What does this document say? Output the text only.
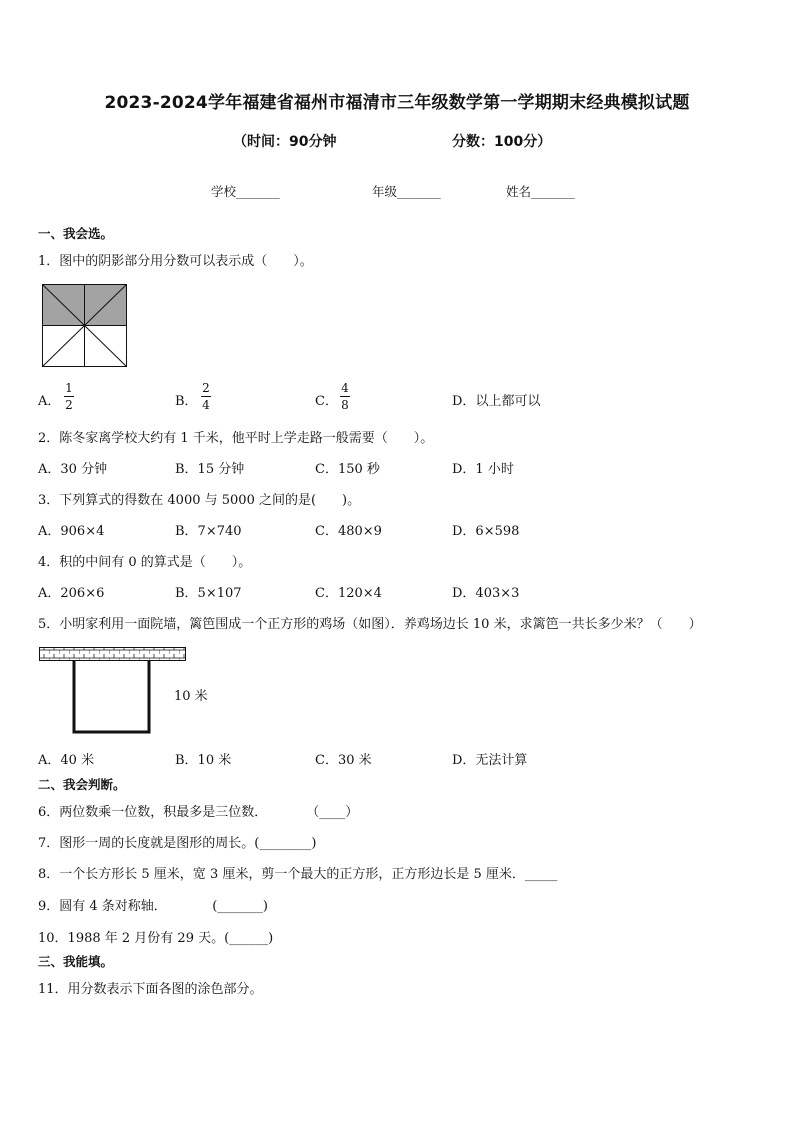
2023-2024学年福建省福州市福清市三年级数学第一学期期末经典模拟试题
（时间：90分钟	分数：100分）
学校_______	年级_______	姓名_______
一、我会选。
1．图中的阴影部分用分数可以表示成（　　）。
A．
1
2	B．
2
4	C．
4
8	D．以上都可以
2．陈冬家离学校大约有 1 千米，他平时上学走路一般需要（　　）。
A．30 分钟	B．15 分钟	C．150 秒	D．1 小时
3．下列算式的得数在 4000 与 5000 之间的是(　　)。
A．906×4	B．7×740	C．480×9	D．6×598
4．积的中间有 0 的算式是（　　）。
A．206×6	B．5×107	C．120×4	D．403×3
5．小明家利用一面院墙，篱笆围成一个正方形的鸡场（如图）．养鸡场边长 10 米，求篱笆一共长多少米？（　　）
10 米
A．40 米	B．10 米	C．30 米	D．无法计算
二、我会判断。
6．两位数乘一位数，积最多是三位数．　　　　（____）
7．图形一周的长度就是图形的周长。(________)
8．一个长方形长 5 厘米，宽 3 厘米，剪一个最大的正方形，正方形边长是 5 厘米．_____
9．圆有 4 条对称轴．　　　　(_______)
10．1988 年 2 月份有 29 天。(______)
三、我能填。
11．用分数表示下面各图的涂色部分。
